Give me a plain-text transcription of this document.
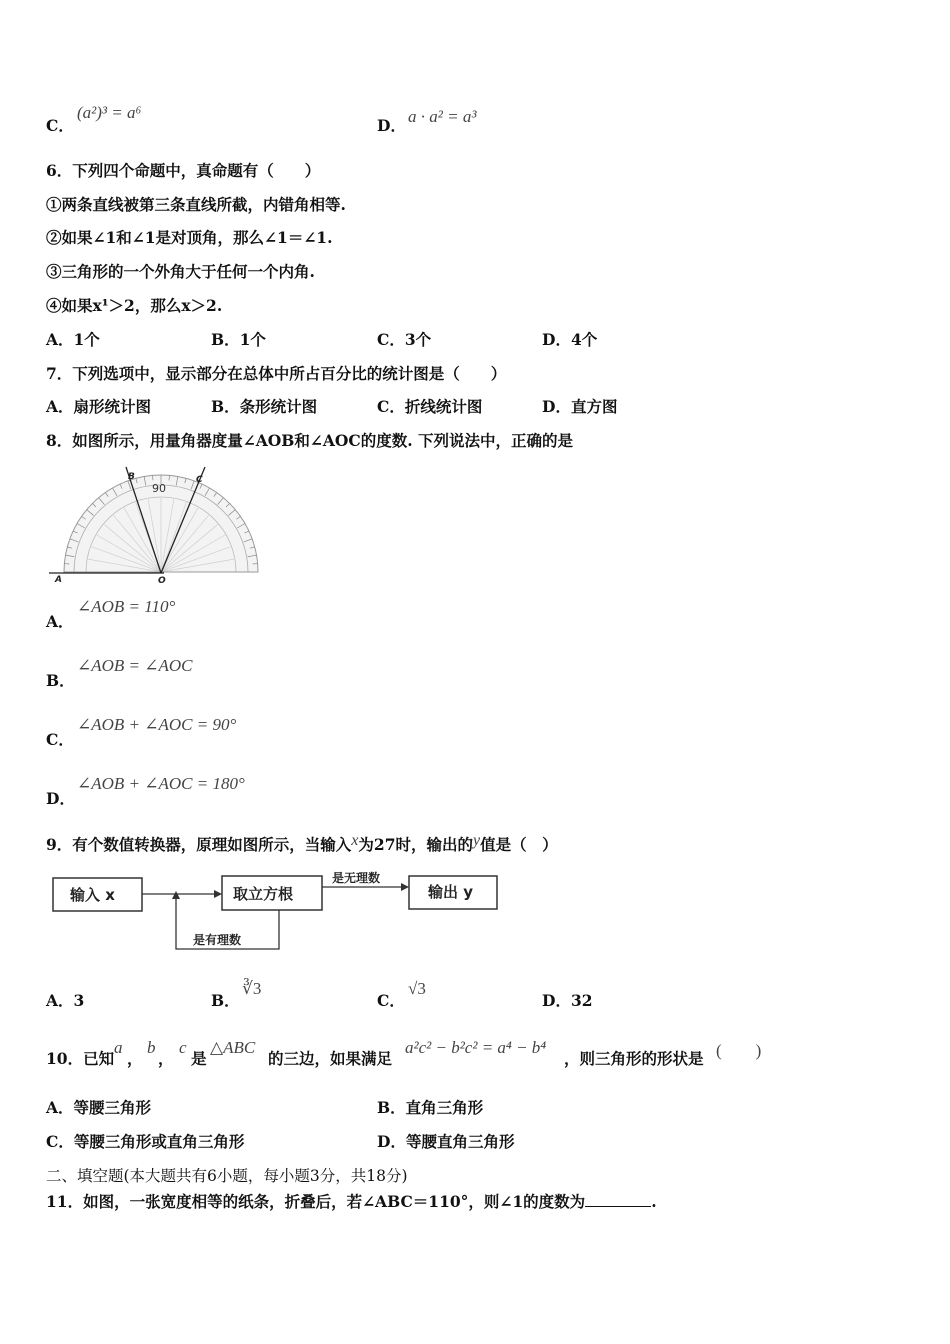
C．
(a²)³ = a⁶
D． a · a² = a³
6．下列四个命题中，真命题有（　　）
①两条直线被第三条直线所截，内错角相等.
②如果∠1和∠1是对顶角，那么∠1＝∠1.
③三角形的一个外角大于任何一个内角.
④如果x¹＞2，那么x＞2.
A．1个	B．1个	C．3个	D．4个
7．下列选项中，显示部分在总体中所占百分比的统计图是（　　）
A．扇形统计图	B．条形统计图	C．折线统计图	D．直方图
8．如图所示，用量角器度量∠AOB和∠AOC的度数. 下列说法中，正确的是
90
A	O
B	C
A．
∠AOB = 110°
B．
∠AOB = ∠AOC
C．
∠AOB + ∠AOC = 90°
D．
∠AOB + ∠AOC = 180°
9．有个数值转换器，原理如图所示，当输入x为27时，输出的y值是（　）
输入 x	取立方根
是无理数
输出 y
是有理数
A．3	B．
∛3
C．
√3
D．32
10．已知
a
，
b
，
c
是
△ABC
的三边，如果满足
a²c² − b²c² = a⁴ − b⁴
，则三角形的形状是 (　　)
A．等腰三角形	B．直角三角形
C．等腰三角形或直角三角形	D．等腰直角三角形
二、填空题(本大题共有6小题，每小题3分，共18分)
11．如图，一张宽度相等的纸条，折叠后，若∠ABC＝110°，则∠1的度数为	.
